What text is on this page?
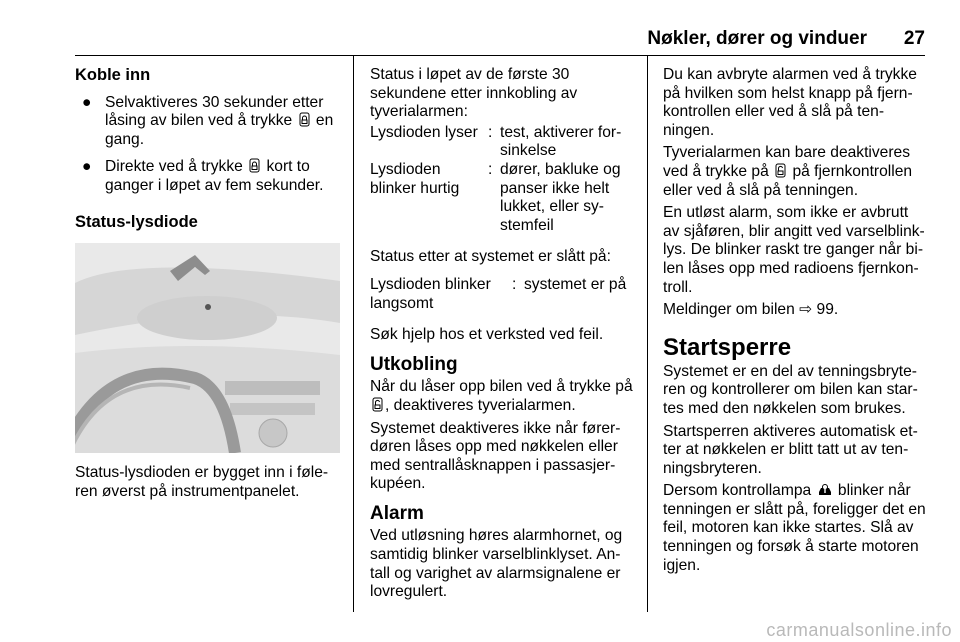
Nøkler, dører og vinduer 27
Koble inn
● Selvaktiveres 30 sekunder etter låsing av bilen ved å trykke en gang.
● Direkte ved å trykke kort to ganger i løpet av fem sekunder.
Status-lysdiode

Status-lysdioden er bygget inn i føleren øverst på instrumentpanelet.

Status i løpet av de første 30 sekundene etter innkobling av tyverialarmen:

Lysdioden lyser : test, aktiverer forsinkelse
Lysdioden blinker hurtig
: dører, bakluke og panser ikke helt lukket, eller systemfeil

Status etter at systemet er slått på:

Lysdioden blinker langsomt
: systemet er på

Søk hjelp hos et verksted ved feil.

Utkobling

Når du låser opp bilen ved å trykke på , deaktiveres tyverialarmen.

Systemet deaktiveres ikke når førerdøren låses opp med nøkkelen eller med sentrallåsknappen i passasjerkupéen.

Alarm

Ved utløsning høres alarmhornet, og samtidig blinker varselblinklyset. Antall og varighet av alarmsignalene er lovregulert.

Du kan avbryte alarmen ved å trykke på hvilken som helst knapp på fjernkontrollen eller ved å slå på tenningen.

Tyverialarmen kan bare deaktiveres ved å trykke på på fjernkontrollen eller ved å slå på tenningen.

En utløst alarm, som ikke er avbrutt av sjåføren, blir angitt ved varselblinklys. De blinker raskt tre ganger når bilen låses opp med radioens fjernkontroll.

Meldinger om bilen ⇨ 99.

Startsperre

Systemet er en del av tenningsbryteren og kontrollerer om bilen kan startes med den nøkkelen som brukes.

Startsperren aktiveres automatisk etter at nøkkelen er blitt tatt ut av tenningsbryteren.

Dersom kontrollampa blinker når tenningen er slått på, foreligger det en feil, motoren kan ikke startes. Slå av tenningen og forsøk å starte motoren igjen.

carmanualsonline.info
